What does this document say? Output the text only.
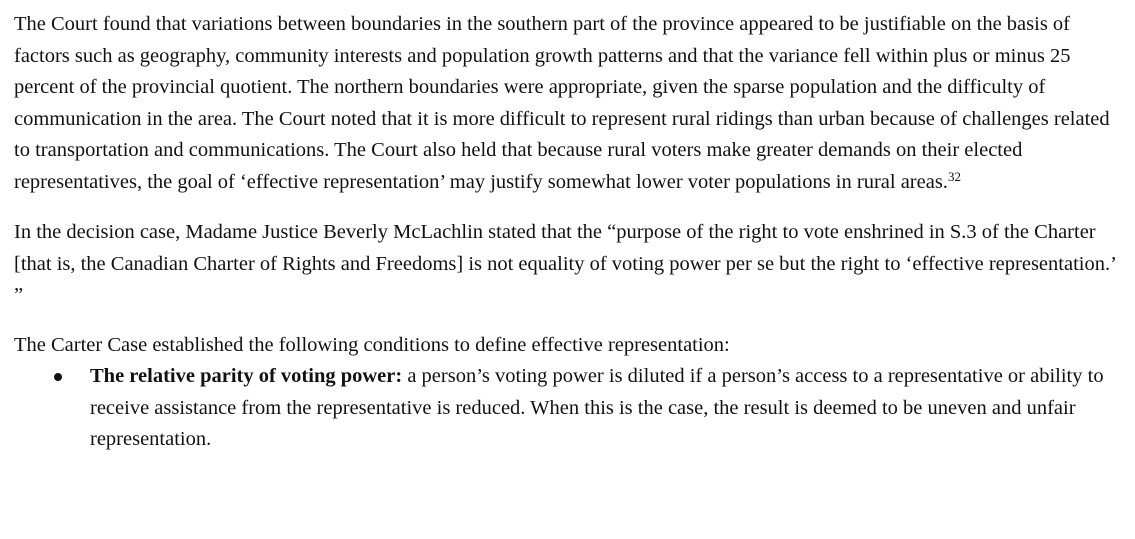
The Court found that variations between boundaries in the southern part of the province appeared to be justifiable on the basis of factors such as geography, community interests and population growth patterns and that the variance fell within plus or minus 25 percent of the provincial quotient. The northern boundaries were appropriate, given the sparse population and the difficulty of communication in the area. The Court noted that it is more difficult to represent rural ridings than urban because of challenges related to transportation and communications. The Court also held that because rural voters make greater demands on their elected representatives, the goal of ‘effective representation’ may justify somewhat lower voter populations in rural areas.$^{32}$

In the decision case, Madame Justice Beverly McLachlin stated that the “purpose of the right to vote enshrined in S.3 of the Charter [that is, the Canadian Charter of Rights and Freedoms] is not equality of voting power per se but the right to ‘effective representation.’ ”

The Carter Case established the following conditions to define effective representation:

The relative parity of voting power: a person’s voting power is diluted if a person’s access to a representative or ability to receive assistance from the representative is reduced. When this is the case, the result is deemed to be uneven and unfair representation.
